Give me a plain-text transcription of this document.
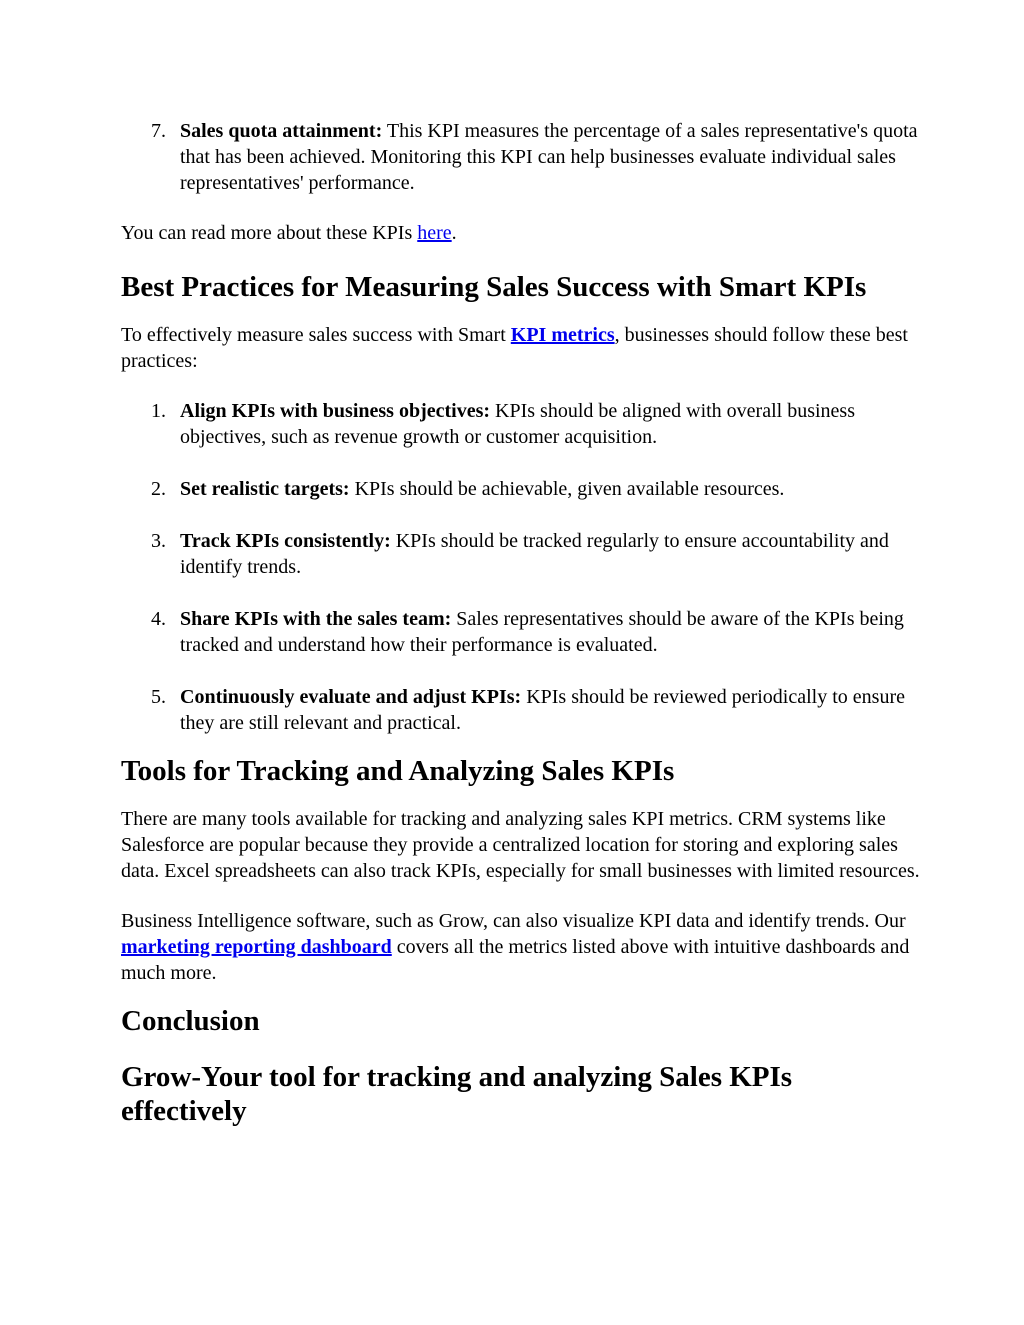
7. Sales quota attainment: This KPI measures the percentage of a sales representative's quota that has been achieved. Monitoring this KPI can help businesses evaluate individual sales representatives' performance.

You can read more about these KPIs here.

Best Practices for Measuring Sales Success with Smart KPIs

To effectively measure sales success with Smart KPI metrics, businesses should follow these best practices:

1. Align KPIs with business objectives: KPIs should be aligned with overall business objectives, such as revenue growth or customer acquisition.
2. Set realistic targets: KPIs should be achievable, given available resources.
3. Track KPIs consistently: KPIs should be tracked regularly to ensure accountability and identify trends.
4. Share KPIs with the sales team: Sales representatives should be aware of the KPIs being tracked and understand how their performance is evaluated.
5. Continuously evaluate and adjust KPIs: KPIs should be reviewed periodically to ensure they are still relevant and practical.
Tools for Tracking and Analyzing Sales KPIs

There are many tools available for tracking and analyzing sales KPI metrics. CRM systems like Salesforce are popular because they provide a centralized location for storing and exploring sales data. Excel spreadsheets can also track KPIs, especially for small businesses with limited resources.

Business Intelligence software, such as Grow, can also visualize KPI data and identify trends. Our marketing reporting dashboard covers all the metrics listed above with intuitive dashboards and much more.

Conclusion
Grow-Your tool for tracking and analyzing Sales KPIs effectively
